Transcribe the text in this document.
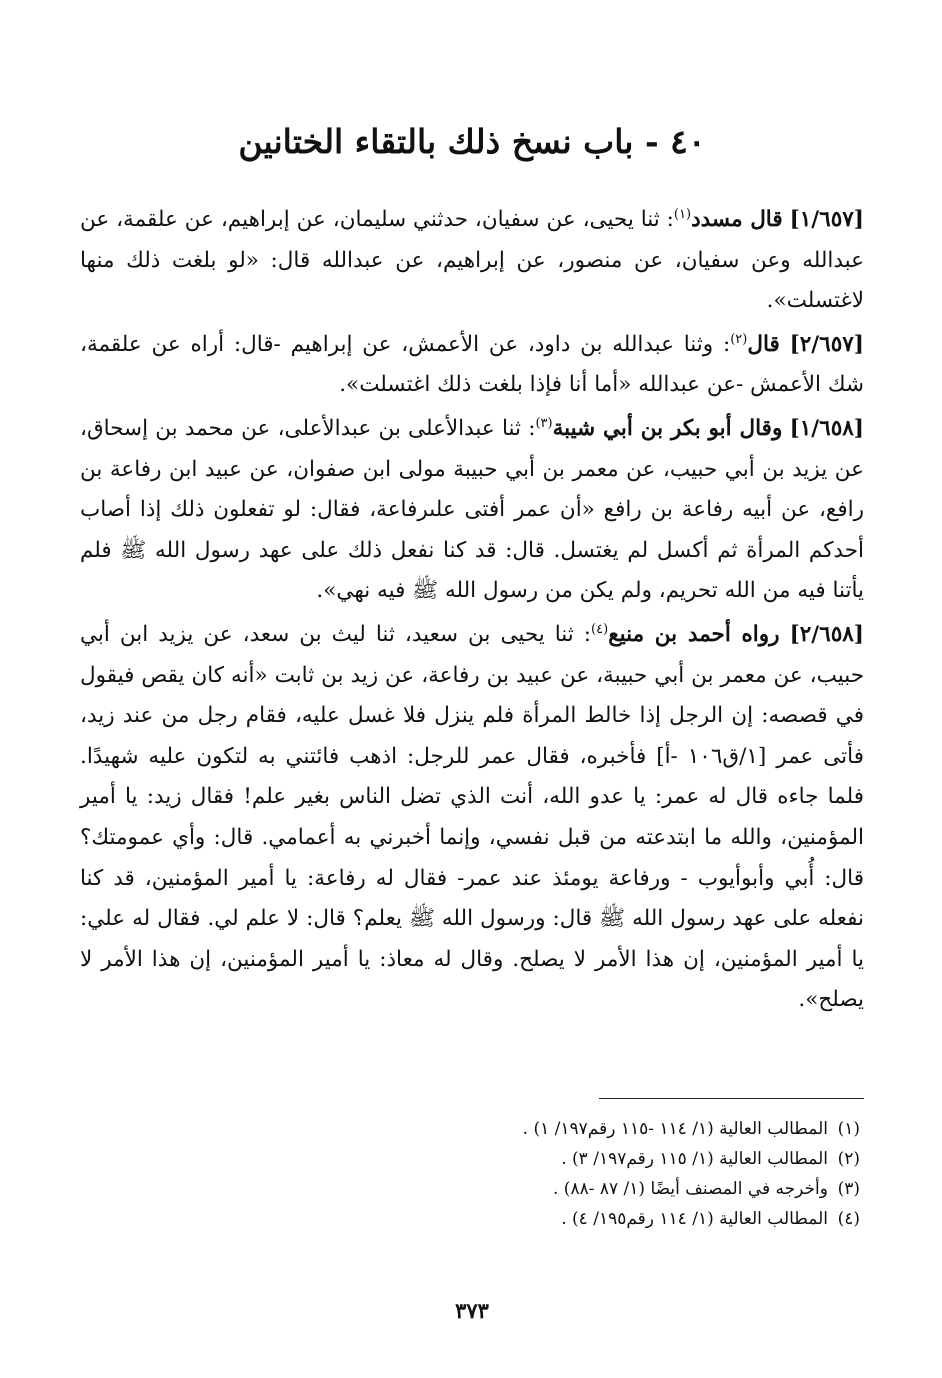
٤٠ - باب نسخ ذلك بالتقاء الختانين

[١/٦٥٧] قال مسدد$^{(١)}$: ثنا يحيى، عن سفيان، حدثني سليمان، عن إبراهيم، عن علقمة، عن عبدالله وعن سفيان، عن منصور، عن إبراهيم، عن عبدالله قال: «لو بلغت ذلك منها لاغتسلت».

[٢/٦٥٧] قال$^{(٢)}$: وثنا عبدالله بن داود، عن الأعمش، عن إبراهيم -قال: أراه عن علقمة، شك الأعمش -عن عبدالله «أما أنا فإذا بلغت ذلك اغتسلت».

[١/٦٥٨] وقال أبو بكر بن أبي شيبة$^{(٣)}$: ثنا عبدالأعلى بن عبدالأعلى، عن محمد بن إسحاق، عن يزيد بن أبي حبيب، عن معمر بن أبي حبيبة مولى ابن صفوان، عن عبيد ابن رفاعة بن رافع، عن أبيه رفاعة بن رافع «أن عمر أفتى علىرفاعة، فقال: لو تفعلون ذلك إذا أصاب أحدكم المرأة ثم أكسل لم يغتسل. قال: قد كنا نفعل ذلك على عهد رسول الله ﷺ فلم يأتنا فيه من الله تحريم، ولم يكن من رسول الله ﷺ فيه نهي».

[٢/٦٥٨] رواه أحمد بن منيع$^{(٤)}$: ثنا يحيى بن سعيد، ثنا ليث بن سعد، عن يزيد ابن أبي حبيب، عن معمر بن أبي حبيبة، عن عبيد بن رفاعة، عن زيد بن ثابت «أنه كان يقص فيقول في قصصه: إن الرجل إذا خالط المرأة فلم ينزل فلا غسل عليه، فقام رجل من عند زيد، فأتى عمر [١/ق١٠٦ -أ] فأخبره، فقال عمر للرجل: اذهب فائتني به لتكون عليه شهيدًا. فلما جاءه قال له عمر: يا عدو الله، أنت الذي تضل الناس بغير علم! فقال زيد: يا أمير المؤمنين، والله ما ابتدعته من قبل نفسي، وإنما أخبرني به أعمامي. قال: وأي عمومتك؟ قال: أُبي وأبوأيوب - ورفاعة يومئذ عند عمر- فقال له رفاعة: يا أمير المؤمنين، قد كنا نفعله على عهد رسول الله ﷺ قال: ورسول الله ﷺ يعلم؟ قال: لا علم لي. فقال له علي: يا أمير المؤمنين، إن هذا الأمر لا يصلح. وقال له معاذ: يا أمير المؤمنين، إن هذا الأمر لا يصلح».

(١)المطالب العالية (١/ ١١٤ -١١٥ رقم١٩٧/ ١) .
(٢)المطالب العالية (١/ ١١٥ رقم١٩٧/ ٣) .
(٣)وأخرجه في المصنف أيضًا (١/ ٨٧ -٨٨) .
(٤)المطالب العالية (١/ ١١٤ رقم١٩٥/ ٤) .
٣٧٣
